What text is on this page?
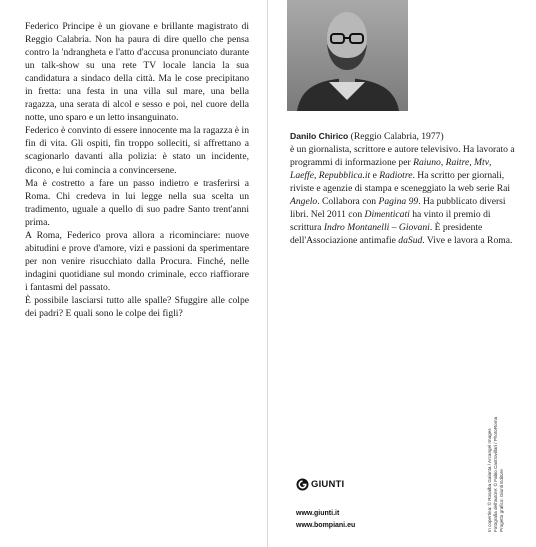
Federico Principe è un giovane e brillante magistrato di Reggio Calabria. Non ha paura di dire quello che pensa contro la 'ndrangheta e l'atto d'accusa pronunciato durante un talk-show su una rete TV locale lancia la sua candidatura a sindaco della città. Ma le cose precipitano in fretta: una festa in una villa sul mare, una bella ragazza, una serata di alcol e sesso e poi, nel cuore della notte, uno sparo e un letto insanguinato.

Federico è convinto di essere innocente ma la ragazza è in fin di vita. Gli ospiti, fin troppo solleciti, si affrettano a scagionarlo davanti alla polizia: è stato un incidente, dicono, e lui comincia a convincersene.

Ma è costretto a fare un passo indietro e trasferirsi a Roma. Chi credeva in lui legge nella sua scelta un tradimento, uguale a quello di suo padre Santo trent'anni prima.

A Roma, Federico prova allora a ricominciare: nuove abitudini e prove d'amore, vizi e passioni da sperimentare per non venire risucchiato dalla Procura. Finché, nelle indagini quotidiane sul mondo criminale, ecco riaffiorare i fantasmi del passato.

È possibile lasciarsi tutto alle spalle? Sfuggire alle colpe dei padri? E quali sono le colpe dei figli?

Danilo Chirico (Reggio Calabria, 1977)

è un giornalista, scrittore e autore televisivo. Ha lavorato a programmi di informazione per Raiuno, Raitre, Mtv, Laeffe, Repubblica.it e Radiotre. Ha scritto per giornali, riviste e agenzie di stampa e sceneggiato la web serie Rai Angelo. Collabora con Pagina 99. Ha pubblicato diversi libri. Nel 2011 con Dimenticati ha vinto il premio di scrittura Indro Montanelli – Giovani. È presidente dell'Associazione antimafie daSud. Vive e lavora a Roma.

In copertina: © Rosalba Galanta / Arcangel Images Fotografia dell'autore: © Fabio Castrovillari / PhotoRoma Progetto grafico: Giunti Editore
GIUNTI
www.giunti.it
www.bompiani.eu
